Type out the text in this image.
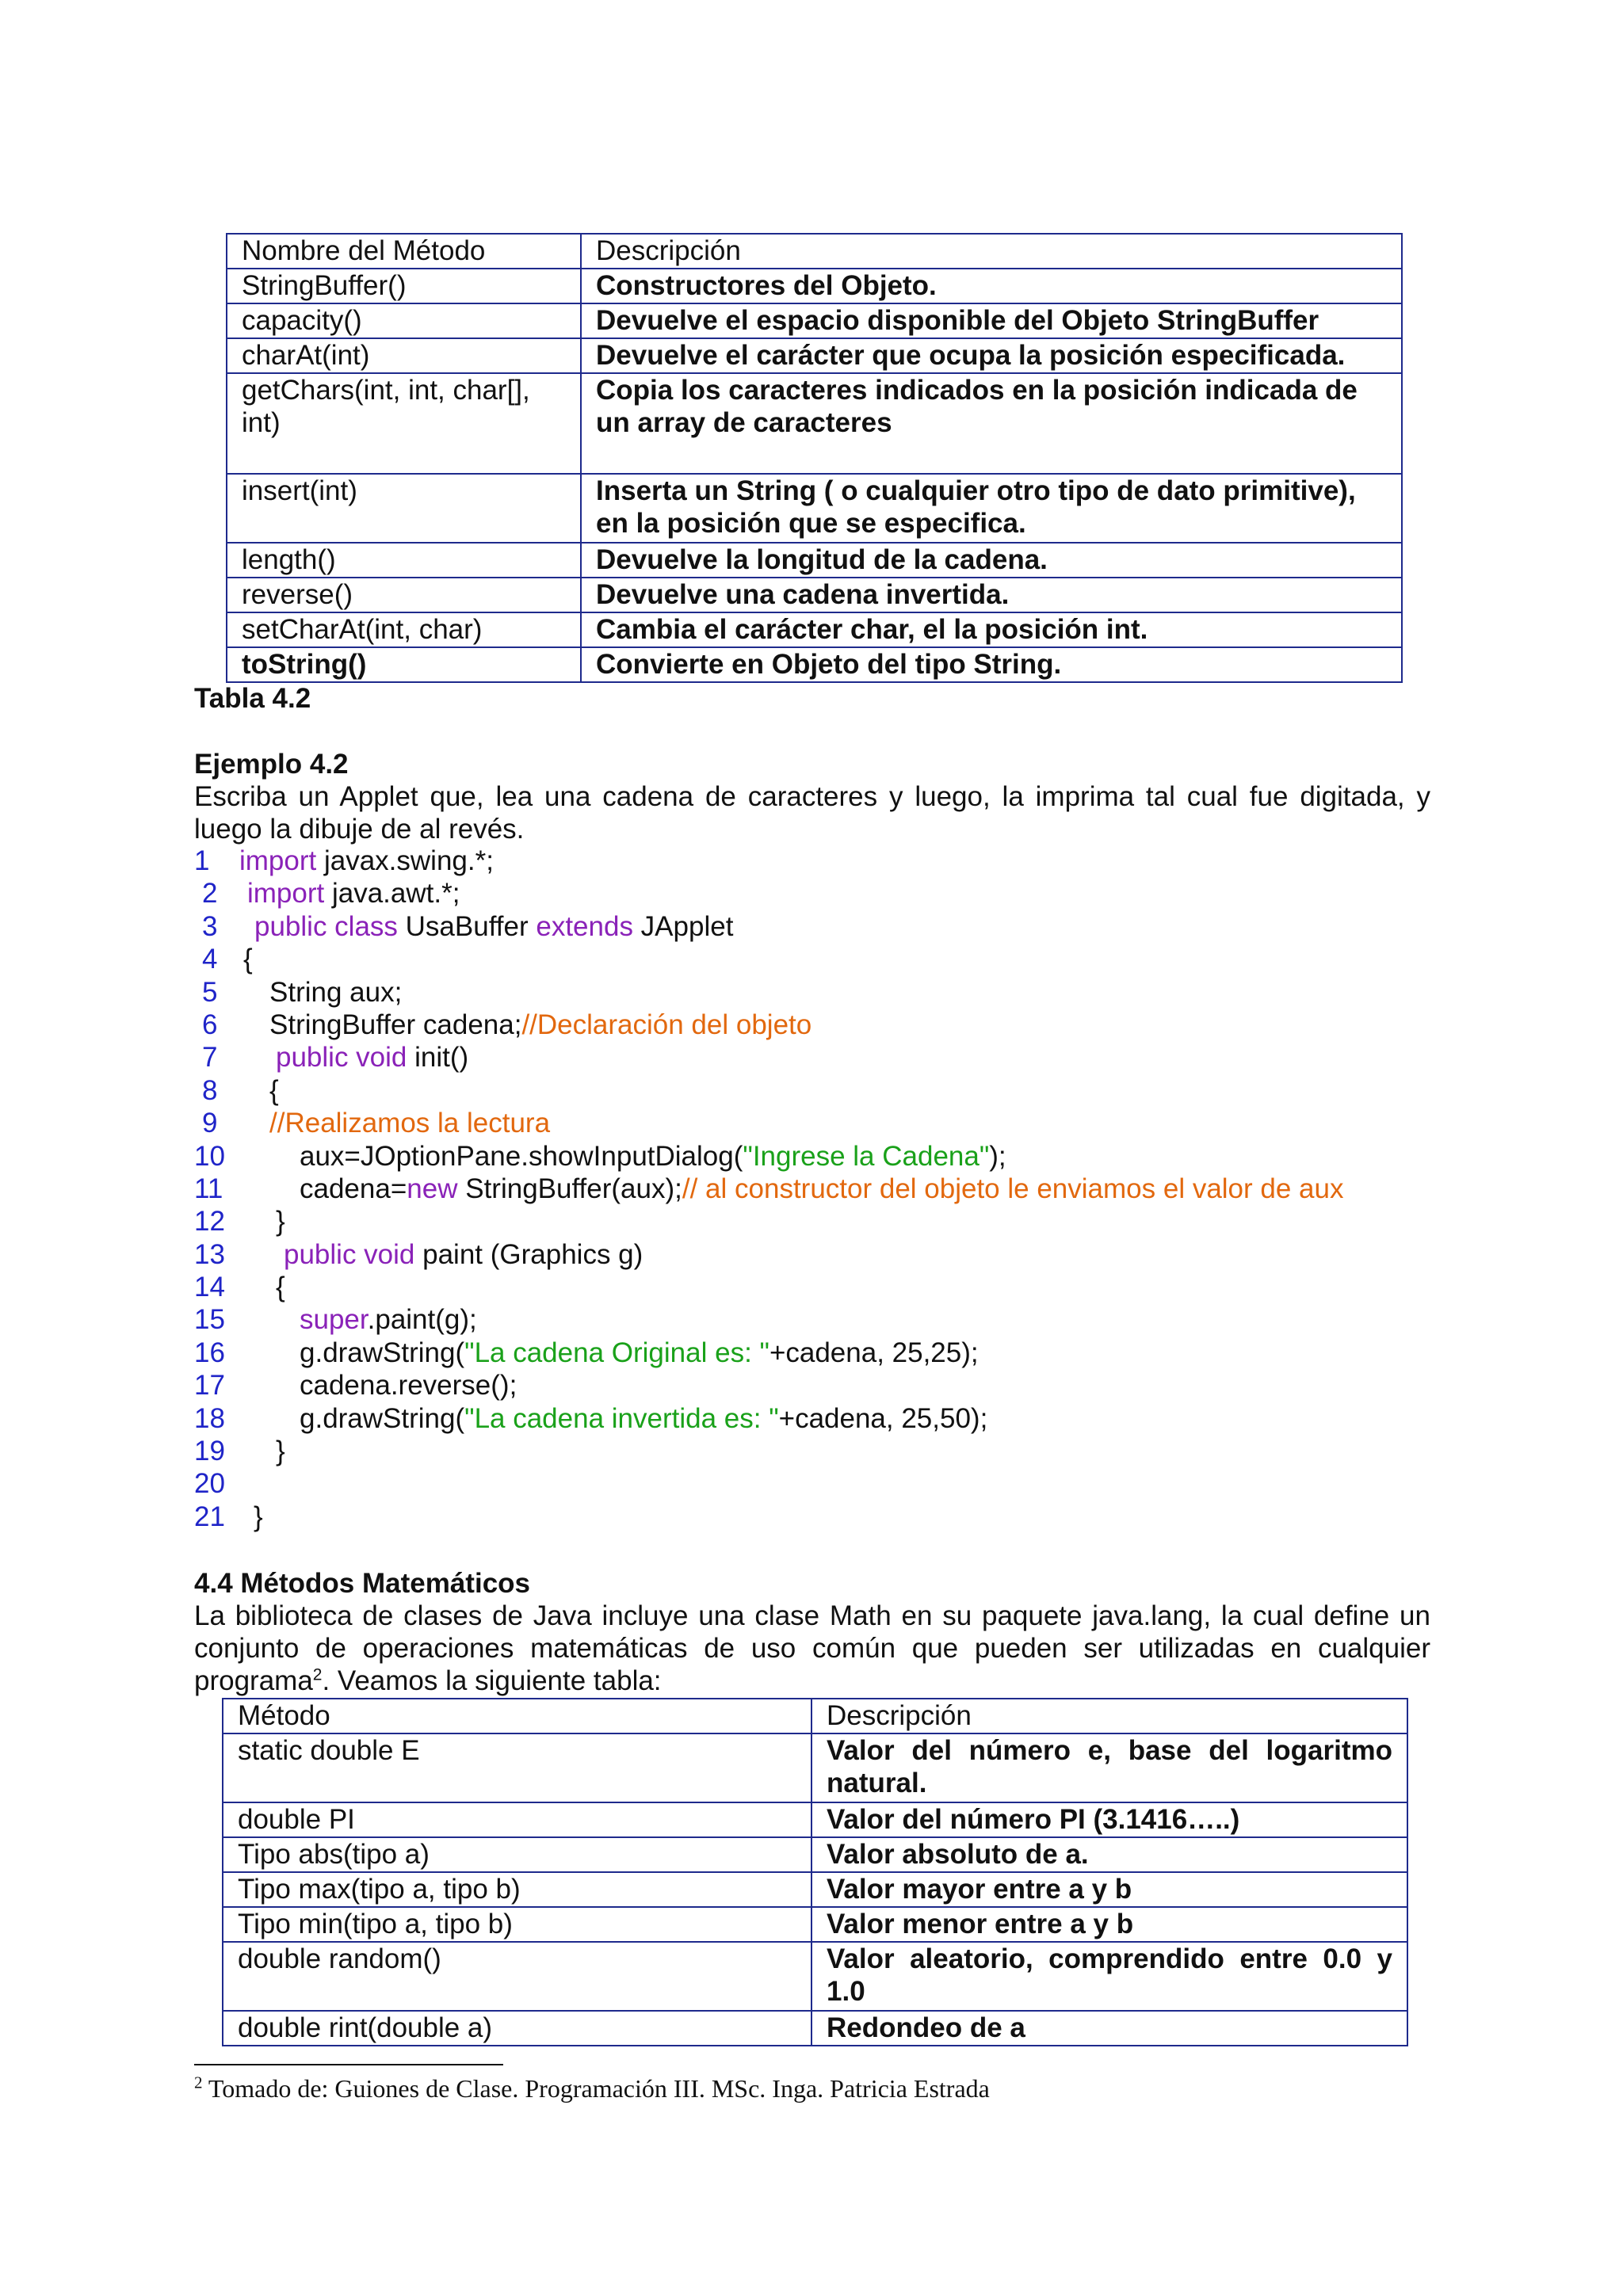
Nombre del Método	Descripción
StringBuffer()	Constructores del Objeto.
capacity()	Devuelve el espacio disponible del Objeto StringBuffer
charAt(int)	Devuelve el carácter que ocupa la posición especificada.
getChars(int, int, char[], int)	Copia los caracteres indicados en la posición indicada de un array de caracteres
insert(int)	Inserta un String ( o cualquier otro tipo de dato primitive), en la posición que se especifica.
length()	Devuelve la longitud de la cadena.
reverse()	Devuelve una cadena invertida.
setCharAt(int, char)	Cambia el carácter char, el la posición int.
toString()	Convierte en Objeto del tipo String.
Tabla 4.2
Ejemplo 4.2
Escriba un Applet que, lea una cadena de caracteres y luego, la imprima tal cual fue digitada, y luego la dibuje de al revés.
1 import javax.swing.*;
2 import java.awt.*;
3 public class UsaBuffer extends JApplet
4 {
5 String aux;
6 StringBuffer cadena;//Declaración del objeto
7 public void init()
8 {
9 //Realizamos la lectura
10	aux=JOptionPane.showInputDialog("Ingrese la Cadena");
11	cadena=new StringBuffer(aux);// al constructor del objeto le enviamos el valor de aux
12 }
13 public void paint (Graphics g)
14 {
15	super.paint(g);
16	g.drawString("La cadena Original es: "+cadena, 25,25);
17	cadena.reverse();
18	g.drawString("La cadena invertida es: "+cadena, 25,50);
19 }
20
21 }
4.4 Métodos Matemáticos
La biblioteca de clases de Java incluye una clase Math en su paquete java.lang, la cual define un conjunto de operaciones matemáticas de uso común que pueden ser utilizadas en cualquier programa$^2$. Veamos la siguiente tabla:
Método	Descripción
static double E	Valor del número e, base del logaritmo natural.
double PI	Valor del número PI (3.1416…..)
Tipo abs(tipo a)	Valor absoluto de a.
Tipo max(tipo a, tipo b)	Valor mayor entre a y b
Tipo min(tipo a, tipo b)	Valor menor entre a y b
double random()	Valor aleatorio, comprendido entre 0.0 y 1.0
double rint(double a)	Redondeo de a
$^2$ Tomado de: Guiones de Clase. Programación III. MSc. Inga. Patricia Estrada
